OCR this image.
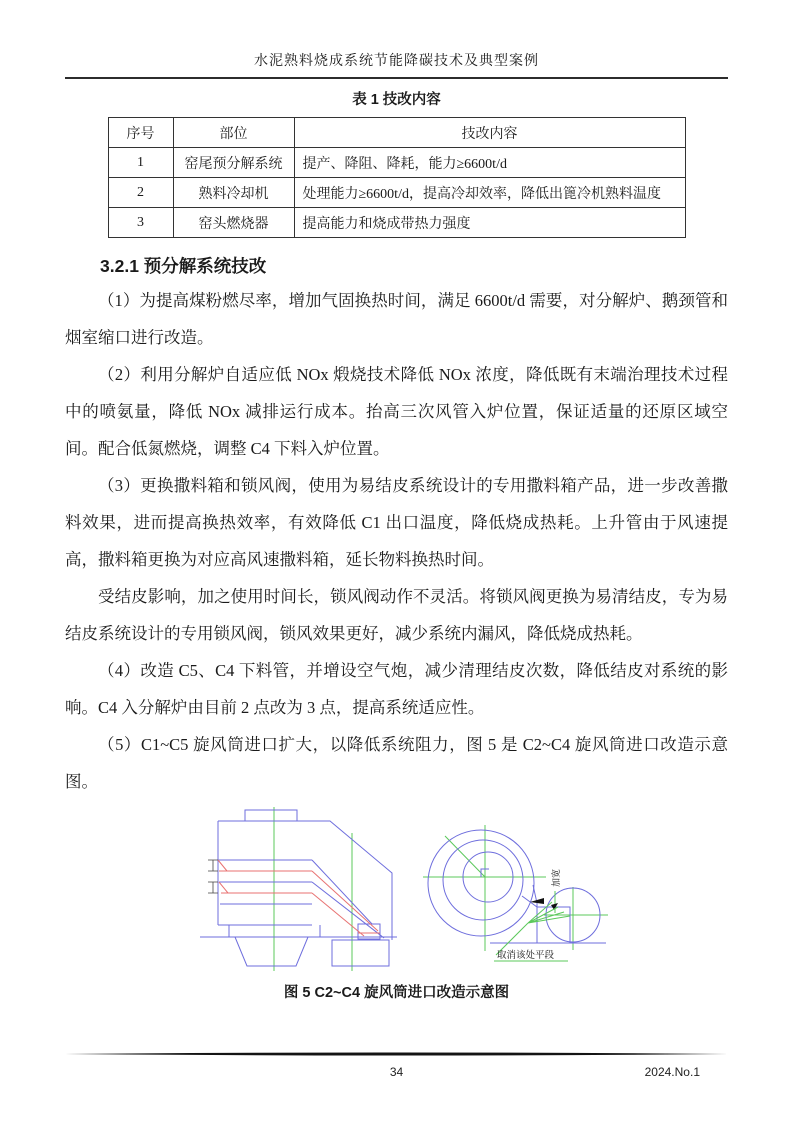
水泥熟料烧成系统节能降碳技术及典型案例
表 1 技改内容
序号	部位	技改内容
1	窑尾预分解系统	提产、降阻、降耗，能力≥6600t/d
2	熟料冷却机	处理能力≥6600t/d，提高冷却效率，降低出篦冷机熟料温度
3	窑头燃烧器	提高能力和烧成带热力强度
3.2.1 预分解系统技改

（1）为提高煤粉燃尽率，增加气固换热时间，满足 6600t/d 需要，对分解炉、鹅颈管和烟室缩口进行改造。

（2）利用分解炉自适应低 NOx 煅烧技术降低 NOx 浓度，降低既有末端治理技术过程中的喷氨量，降低 NOx 减排运行成本。抬高三次风管入炉位置，保证适量的还原区域空间。配合低氮燃烧，调整 C4 下料入炉位置。

（3）更换撒料箱和锁风阀，使用为易结皮系统设计的专用撒料箱产品，进一步改善撒料效果，进而提高换热效率，有效降低 C1 出口温度，降低烧成热耗。上升管由于风速提高，撒料箱更换为对应高风速撒料箱，延长物料换热时间。

受结皮影响，加之使用时间长，锁风阀动作不灵活。将锁风阀更换为易清结皮，专为易结皮系统设计的专用锁风阀，锁风效果更好，减少系统内漏风，降低烧成热耗。

（4）改造 C5、C4 下料管，并增设空气炮，减少清理结皮次数，降低结皮对系统的影响。C4 入分解炉由目前 2 点改为 3 点，提高系统适应性。

（5）C1~C5 旋风筒进口扩大，以降低系统阻力，图 5 是 C2~C4 旋风筒进口改造示意图。

加宽
取消该处平段
图 5 C2~C4 旋风筒进口改造示意图
34	2024.No.1
